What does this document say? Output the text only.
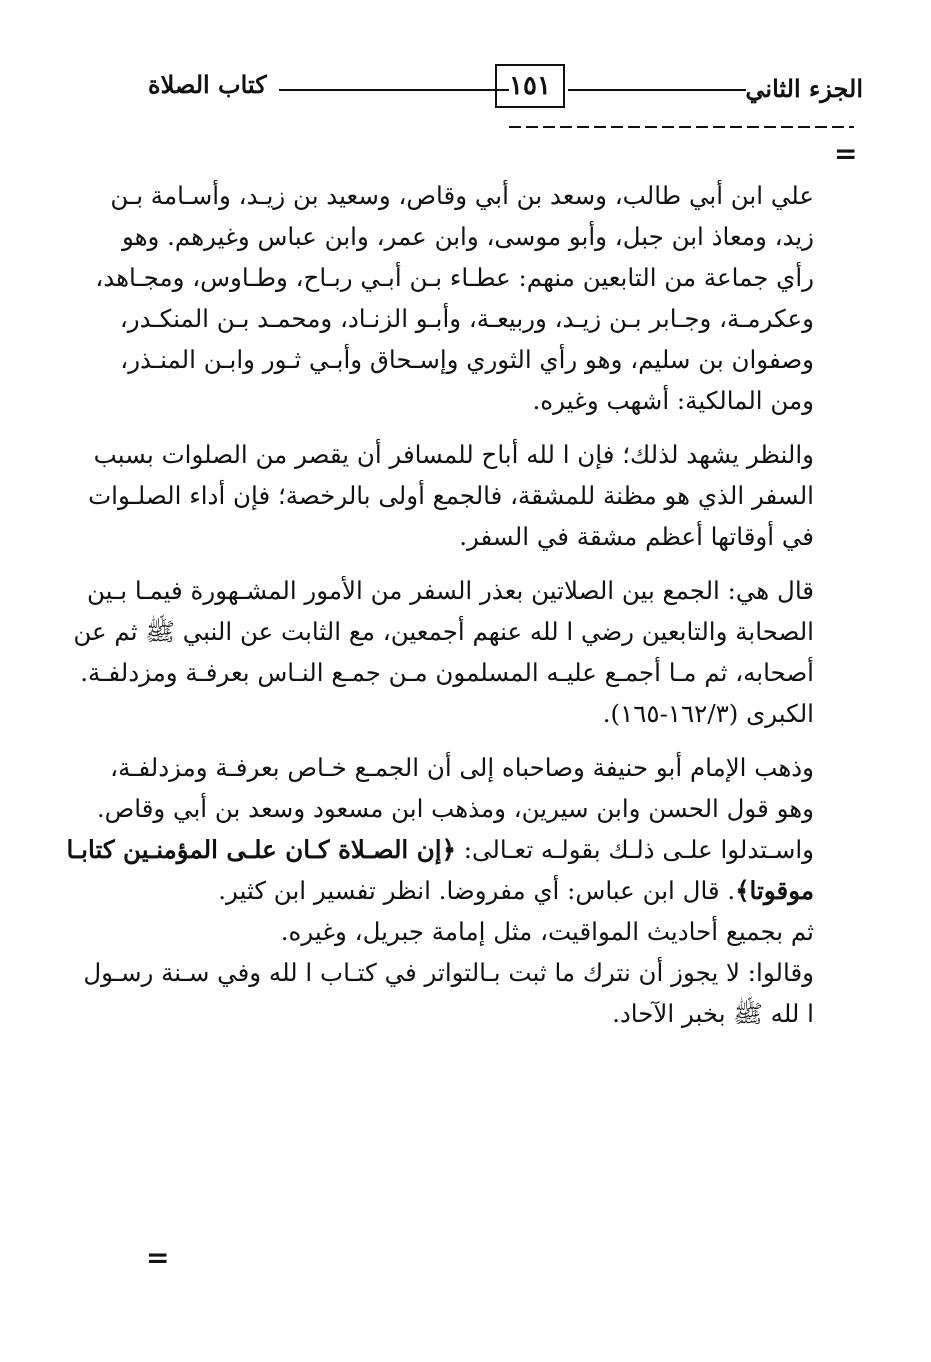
كتاب الصلاة	١٥١	الجزء الثاني
=
علي ابن أبي طالب، وسعد بن أبي وقاص، وسعيد بن زيـد، وأسـامة بـن
زيد، ومعاذ ابن جبل، وأبو موسى، وابن عمر، وابن عباس وغيرهم. وهو
رأي جماعة من التابعين منهم: عطـاء بـن أبـي ربـاح، وطـاوس، ومجـاهد،
وعكرمـة، وجـابر بـن زيـد، وربيعـة، وأبـو الزنـاد، ومحمـد بـن المنكـدر،
وصفوان بن سليم، وهو رأي الثوري وإسـحاق وأبـي ثـور وابـن المنـذر،
ومن المالكية: أشهب وغيره.
والنظر يشهد لذلك؛ فإن ا لله أباح للمسافر أن يقصر من الصلوات بسبب
السفر الذي هو مظنة للمشقة، فالجمع أولى بالرخصة؛ فإن أداء الصلـوات
في أوقاتها أعظم مشقة في السفر.
قال هي: الجمع بين الصلاتين بعذر السفر من الأمور المشـهورة فيمـا بـين
الصحابة والتابعين رضي ا لله عنهم أجمعين، مع الثابت عن النبي ﷺ ثم عن
أصحابه، ثم مـا أجمـع عليـه المسلمون مـن جمـع النـاس بعرفـة ومزدلفـة.
الكبرى (١٦٢/٣-١٦٥).
وذهب الإمام أبو حنيفة وصاحباه إلى أن الجمـع خـاص بعرفـة ومزدلفـة،
وهو قول الحسن وابن سيرين، ومذهب ابن مسعود وسعد بن أبي وقاص.
واسـتدلوا علـى ذلـك بقولـه تعـالى: ﴿إن الصـلاة كـان علـى المؤمنـين كتابـا
موقوتا﴾. قال ابن عباس: أي مفروضا. انظر تفسير ابن كثير.
ثم بجميع أحاديث المواقيت، مثل إمامة جبريل، وغيره.
وقالوا: لا يجوز أن نترك ما ثبت بـالتواتر في كتـاب ا لله وفي سـنة رسـول
ا لله ﷺ بخبر الآحاد.
=
